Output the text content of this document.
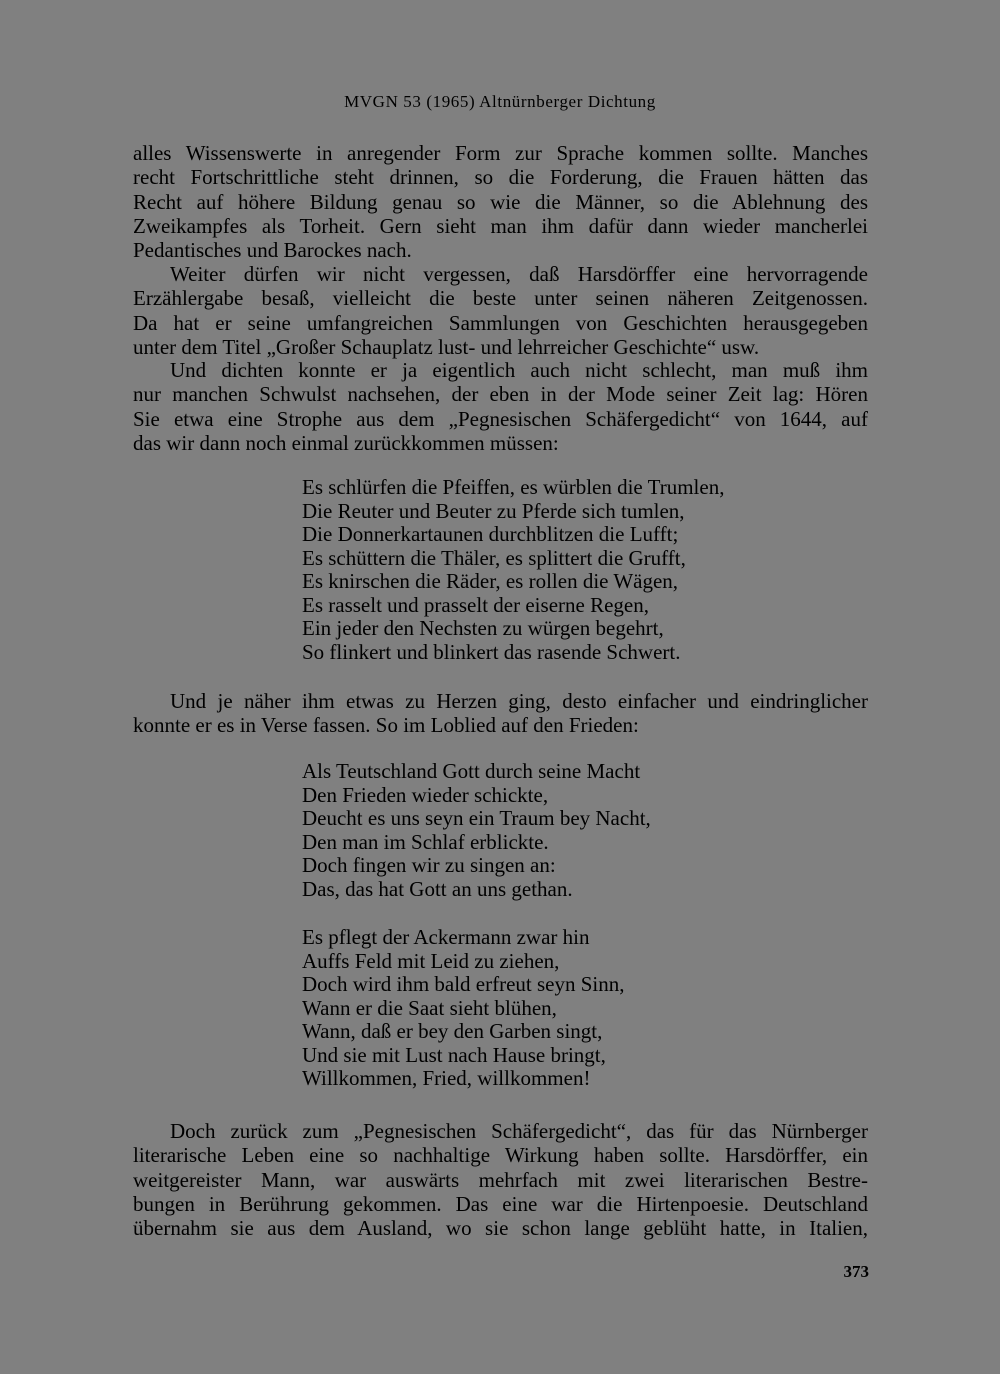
MVGN 53 (1965) Altnürnberger Dichtung
alles Wissenswerte in anregender Form zur Sprache kommen sollte. Manches
recht Fortschrittliche steht drinnen, so die Forderung, die Frauen hätten das
Recht auf höhere Bildung genau so wie die Männer, so die Ablehnung des
Zweikampfes als Torheit. Gern sieht man ihm dafür dann wieder mancherlei
Pedantisches und Barockes nach.
Weiter dürfen wir nicht vergessen, daß Harsdörffer eine hervorragende
Erzählergabe besaß, vielleicht die beste unter seinen näheren Zeitgenossen.
Da hat er seine umfangreichen Sammlungen von Geschichten herausgegeben
unter dem Titel „Großer Schauplatz lust- und lehrreicher Geschichte“ usw.
Und dichten konnte er ja eigentlich auch nicht schlecht, man muß ihm
nur manchen Schwulst nachsehen, der eben in der Mode seiner Zeit lag: Hören
Sie etwa eine Strophe aus dem „Pegnesischen Schäfergedicht“ von 1644, auf
das wir dann noch einmal zurückkommen müssen:
Es schlürfen die Pfeiffen, es würblen die Trumlen,
Die Reuter und Beuter zu Pferde sich tumlen,
Die Donnerkartaunen durchblitzen die Lufft;
Es schüttern die Thäler, es splittert die Grufft,
Es knirschen die Räder, es rollen die Wägen,
Es rasselt und prasselt der eiserne Regen,
Ein jeder den Nechsten zu würgen begehrt,
So flinkert und blinkert das rasende Schwert.
Und je näher ihm etwas zu Herzen ging, desto einfacher und eindringlicher
konnte er es in Verse fassen. So im Loblied auf den Frieden:
Als Teutschland Gott durch seine Macht
Den Frieden wieder schickte,
Deucht es uns seyn ein Traum bey Nacht,
Den man im Schlaf erblickte.
Doch fingen wir zu singen an:
Das, das hat Gott an uns gethan.
Es pflegt der Ackermann zwar hin
Auffs Feld mit Leid zu ziehen,
Doch wird ihm bald erfreut seyn Sinn,
Wann er die Saat sieht blühen,
Wann, daß er bey den Garben singt,
Und sie mit Lust nach Hause bringt,
Willkommen, Fried, willkommen!
Doch zurück zum „Pegnesischen Schäfergedicht“, das für das Nürnberger
literarische Leben eine so nachhaltige Wirkung haben sollte. Harsdörffer, ein
weitgereister Mann, war auswärts mehrfach mit zwei literarischen Bestre-
bungen in Berührung gekommen. Das eine war die Hirtenpoesie. Deutschland
übernahm sie aus dem Ausland, wo sie schon lange geblüht hatte, in Italien,
373
